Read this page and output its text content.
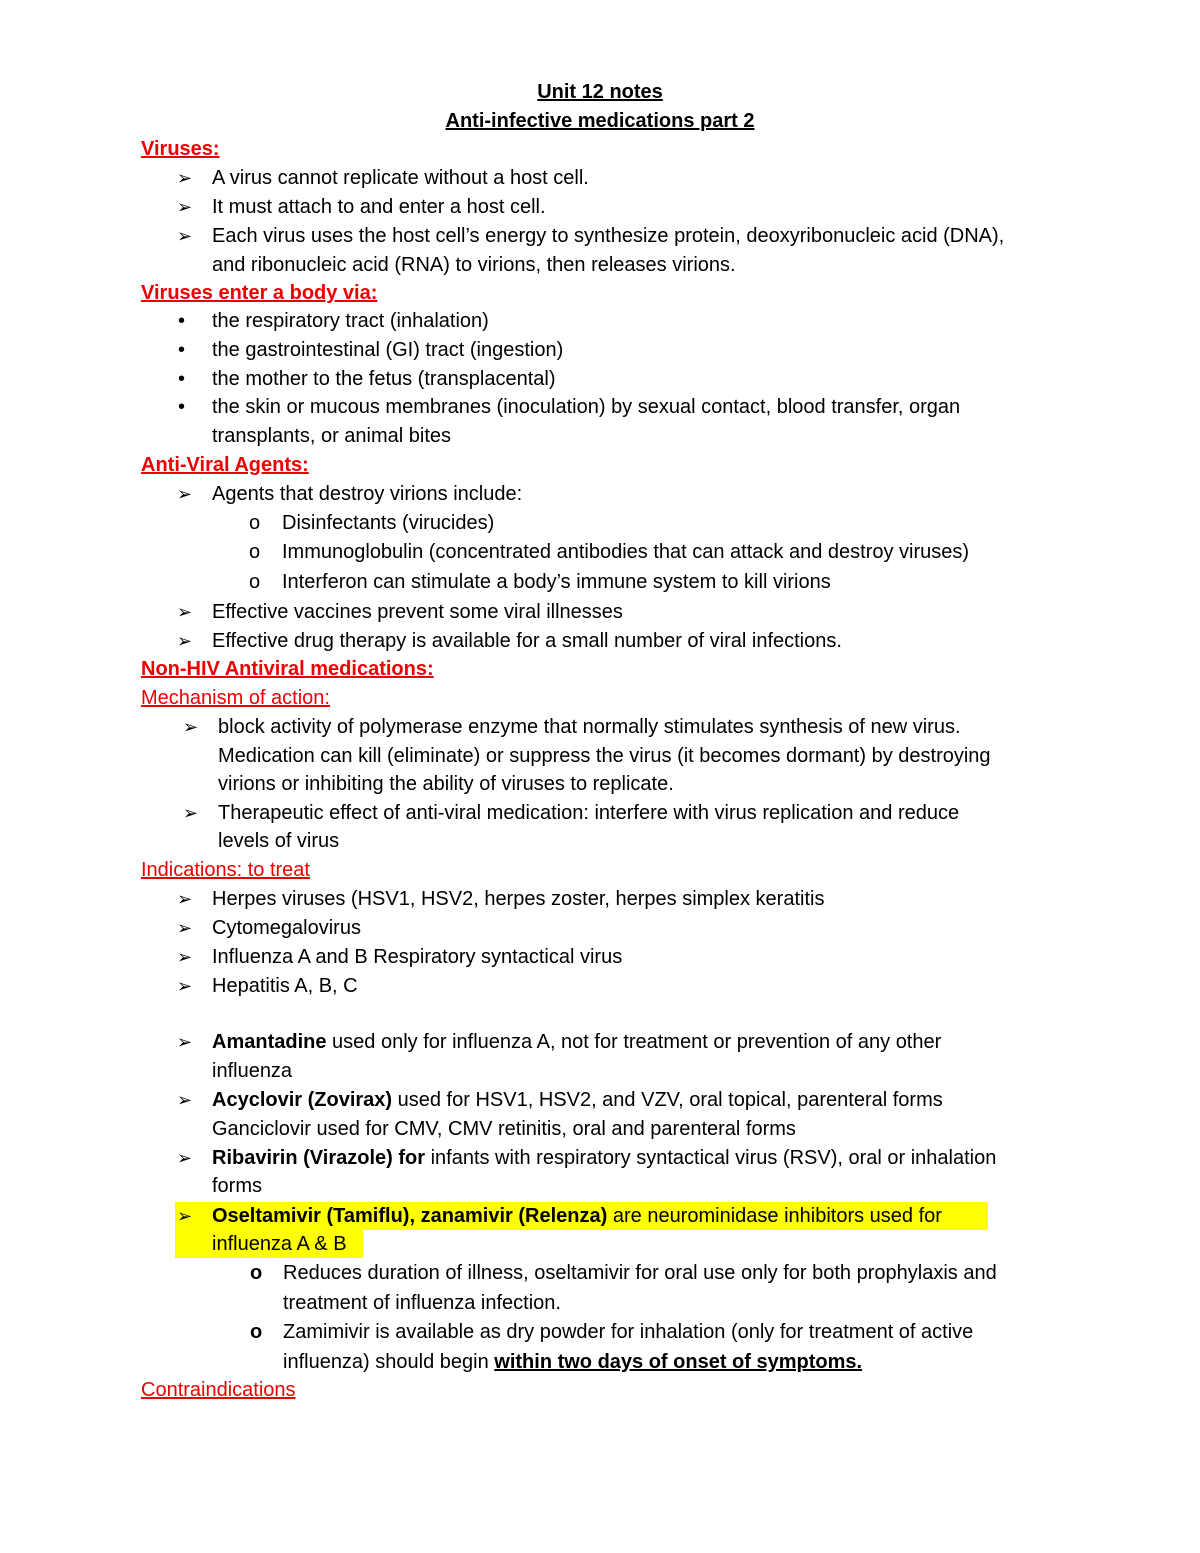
Unit 12 notes
Anti-infective medications part 2
Viruses:
➢ A virus cannot replicate without a host cell.
➢ It must attach to and enter a host cell.
➢ Each virus uses the host cell’s energy to synthesize protein, deoxyribonucleic acid (DNA),
and ribonucleic acid (RNA) to virions, then releases virions.
Viruses enter a body via:
• the respiratory tract (inhalation)
• the gastrointestinal (GI) tract (ingestion)
• the mother to the fetus (transplacental)
• the skin or mucous membranes (inoculation) by sexual contact, blood transfer, organ
transplants, or animal bites
Anti-Viral Agents:
➢ Agents that destroy virions include:
o Disinfectants (virucides)
o Immunoglobulin (concentrated antibodies that can attack and destroy viruses)
o Interferon can stimulate a body’s immune system to kill virions
➢ Effective vaccines prevent some viral illnesses
➢ Effective drug therapy is available for a small number of viral infections.
Non-HIV Antiviral medications:
Mechanism of action:
➢ block activity of polymerase enzyme that normally stimulates synthesis of new virus.
Medication can kill (eliminate) or suppress the virus (it becomes dormant) by destroying
virions or inhibiting the ability of viruses to replicate.
➢ Therapeutic effect of anti-viral medication: interfere with virus replication and reduce
levels of virus
Indications: to treat
➢ Herpes viruses (HSV1, HSV2, herpes zoster, herpes simplex keratitis
➢ Cytomegalovirus
➢ Influenza A and B Respiratory syntactical virus
➢ Hepatitis A, B, C
➢ Amantadine used only for influenza A, not for treatment or prevention of any other
influenza
➢ Acyclovir (Zovirax) used for HSV1, HSV2, and VZV, oral topical, parenteral forms
Ganciclovir used for CMV, CMV retinitis, oral and parenteral forms
➢ Ribavirin (Virazole) for infants with respiratory syntactical virus (RSV), oral or inhalation
forms
➢ Oseltamivir (Tamiflu), zanamivir (Relenza) are neurominidase inhibitors used for
influenza A & B
o Reduces duration of illness, oseltamivir for oral use only for both prophylaxis and
treatment of influenza infection.
o Zamimivir is available as dry powder for inhalation (only for treatment of active
influenza) should begin within two days of onset of symptoms.
Contraindications
